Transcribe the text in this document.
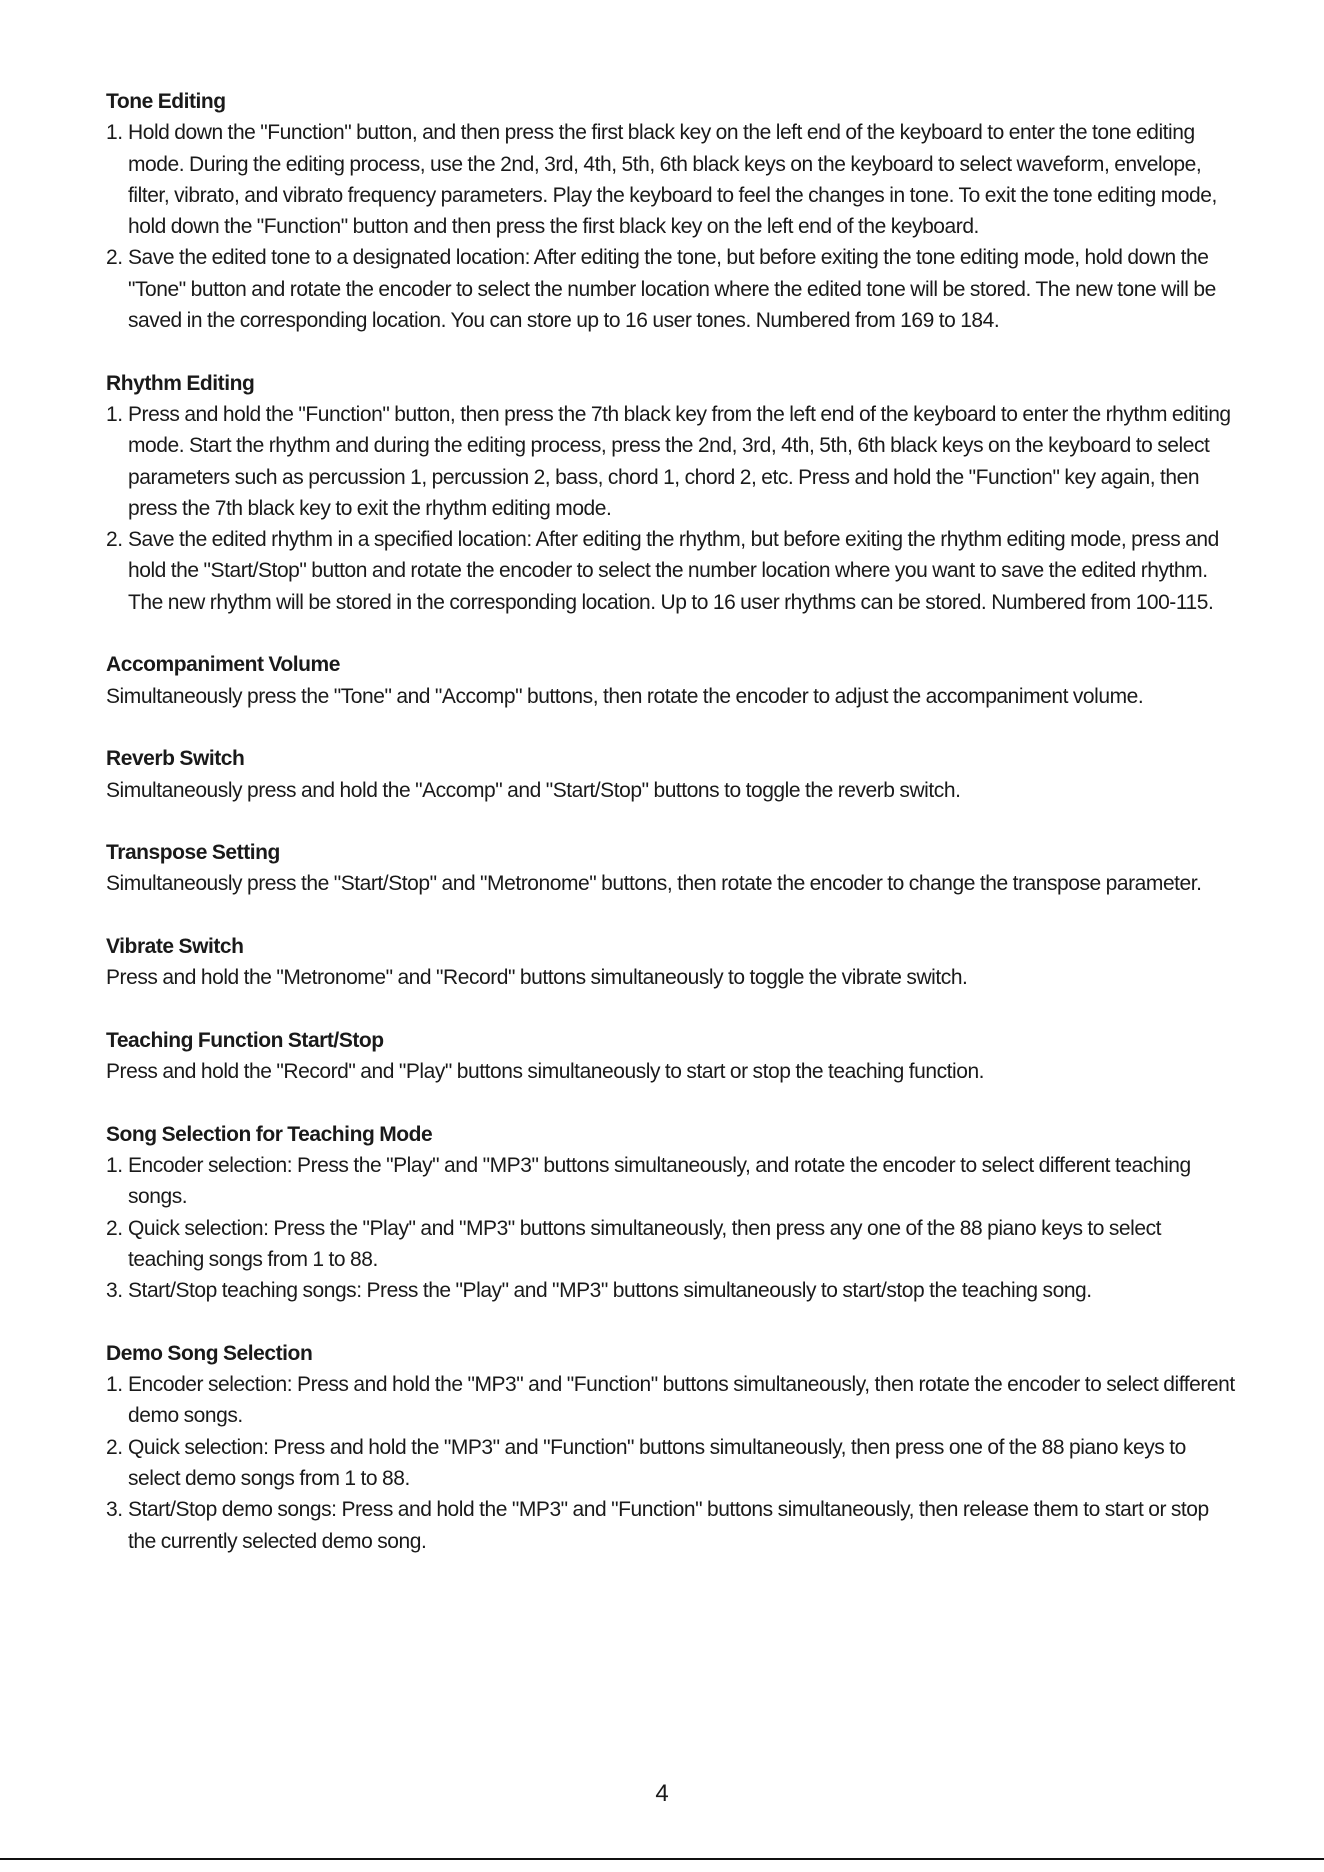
Tone Editing

1. Hold down the "Function" button, and then press the first black key on the left end of the keyboard to enter the tone editing mode. During the editing process, use the 2nd, 3rd, 4th, 5th, 6th black keys on the keyboard to select waveform, envelope, filter, vibrato, and vibrato frequency parameters. Play the keyboard to feel the changes in tone. To exit the tone editing mode, hold down the "Function" button and then press the first black key on the left end of the keyboard.
2. Save the edited tone to a designated location: After editing the tone, but before exiting the tone editing mode, hold down the "Tone" button and rotate the encoder to select the number location where the edited tone will be stored. The new tone will be saved in the corresponding location. You can store up to 16 user tones. Numbered from 169 to 184.

Rhythm Editing

1. Press and hold the "Function" button, then press the 7th black key from the left end of the keyboard to enter the rhythm editing mode. Start the rhythm and during the editing process, press the 2nd, 3rd, 4th, 5th, 6th black keys on the keyboard to select parameters such as percussion 1, percussion 2, bass, chord 1, chord 2, etc. Press and hold the "Function" key again, then press the 7th black key to exit the rhythm editing mode.
2. Save the edited rhythm in a specified location: After editing the rhythm, but before exiting the rhythm editing mode, press and hold the "Start/Stop" button and rotate the encoder to select the number location where you want to save the edited rhythm. The new rhythm will be stored in the corresponding location. Up to 16 user rhythms can be stored. Numbered from 100-115.

Accompaniment Volume

Simultaneously press the "Tone" and "Accomp" buttons, then rotate the encoder to adjust the accompaniment volume.

Reverb Switch

Simultaneously press and hold the "Accomp" and "Start/Stop" buttons to toggle the reverb switch.

Transpose Setting

Simultaneously press the "Start/Stop" and "Metronome" buttons, then rotate the encoder to change the transpose parameter.

Vibrate Switch

Press and hold the "Metronome" and "Record" buttons simultaneously to toggle the vibrate switch.

Teaching Function Start/Stop

Press and hold the "Record" and "Play" buttons simultaneously to start or stop the teaching function.

Song Selection for Teaching Mode

1. Encoder selection: Press the "Play" and "MP3" buttons simultaneously, and rotate the encoder to select different teaching songs.
2. Quick selection: Press the "Play" and "MP3" buttons simultaneously, then press any one of the 88 piano keys to select teaching songs from 1 to 88.
3. Start/Stop teaching songs: Press the "Play" and "MP3" buttons simultaneously to start/stop the teaching song.

Demo Song Selection

1. Encoder selection: Press and hold the "MP3" and "Function" buttons simultaneously, then rotate the encoder to select different demo songs.
2. Quick selection: Press and hold the "MP3" and "Function" buttons simultaneously, then press one of the 88 piano keys to select demo songs from 1 to 88.
3. Start/Stop demo songs: Press and hold the "MP3" and "Function" buttons simultaneously, then release them to start or stop the currently selected demo song.
4
